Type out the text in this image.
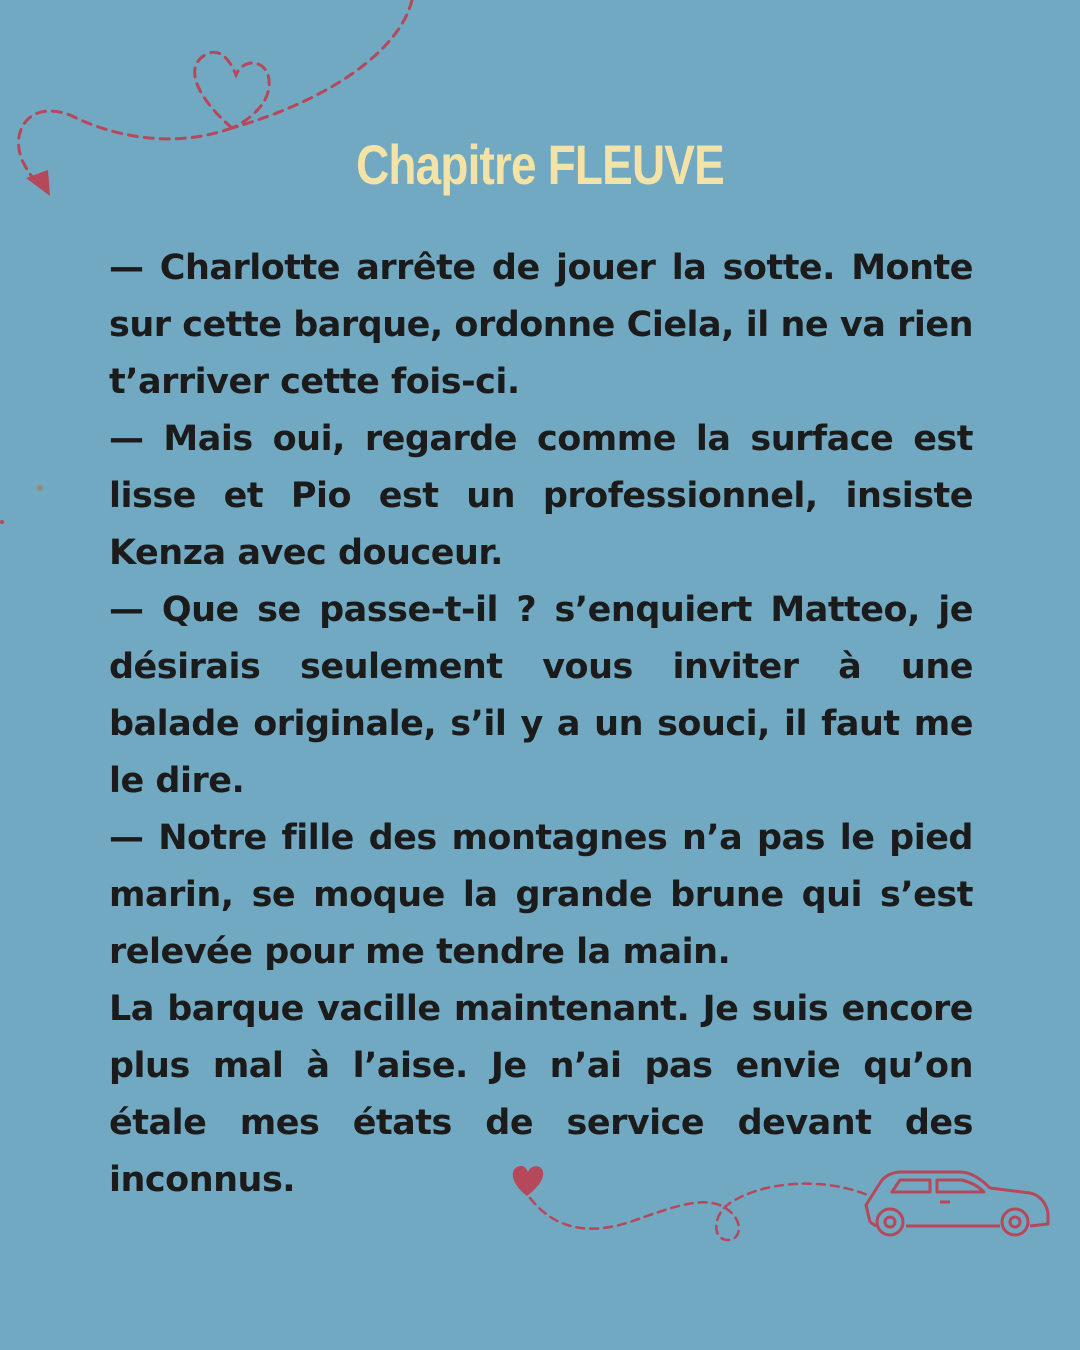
Chapitre FLEUVE

— Charlotte arrête de jouer la sotte. Monte sur cette barque, ordonne Ciela, il ne va rien t’arriver cette fois-ci.

— Mais oui, regarde comme la surface est lisse et Pio est un professionnel, insiste Kenza avec douceur.

— Que se passe-t-il ? s’enquiert Matteo, je désirais seulement vous inviter à une balade originale, s’il y a un souci, il faut me le dire.

— Notre fille des montagnes n’a pas le pied marin, se moque la grande brune qui s’est relevée pour me tendre la main.

La barque vacille maintenant. Je suis encore plus mal à l’aise. Je n’ai pas envie qu’on étale mes états de service devant des inconnus.
